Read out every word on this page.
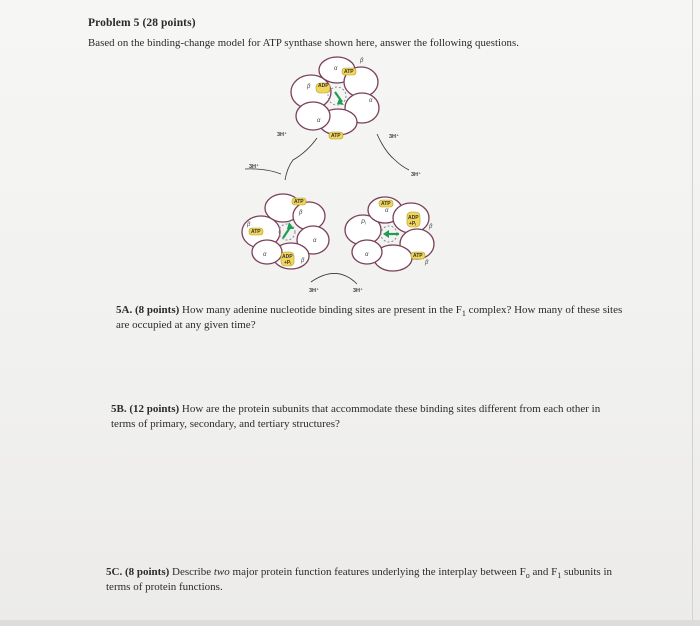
Problem 5 (28 points)
Based on the binding-change model for ATP synthase shown here, answer the following questions.
ADP
ATP
β
β
α
α
α
ATP
ATP
ADP
+Pᵢ
ATP
β
β
β
α
α
ATP
ADP
+Pᵢ
ATP
Pᵢ
α
β
β
α
3H⁺
3H⁺
3H⁺
3H⁺
3H⁺	3H⁺
5A. (8 points) How many adenine nucleotide binding sites are present in the $F_1$ complex? How many of these sites are occupied at any given time?
5B. (12 points) How are the protein subunits that accommodate these binding sites different from each other in terms of primary, secondary, and tertiary structures?
5C. (8 points) Describe two major protein function features underlying the interplay between $F_o$ and $F_1$ subunits in terms of protein functions.
